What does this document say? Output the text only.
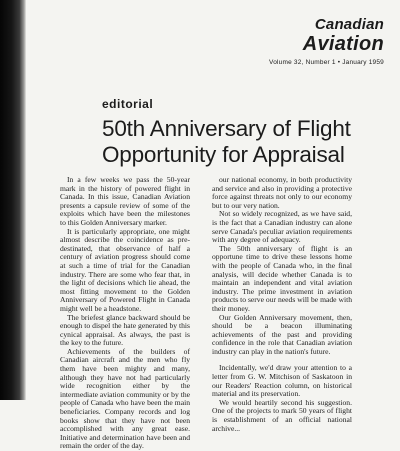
Canadian
Aviation
Volume 32, Number 1 • January 1959
editorial
50th Anniversary of Flight
Opportunity for Appraisal

In a few weeks we pass the 50-year mark in the history of powered flight in Canada. In this issue, Canadian Aviation presents a capsule review of some of the exploits which have been the milestones to this Golden Anniversary marker.

It is particularly appropriate, one might almost describe the coincidence as pre-destinated, that observance of half a century of aviation progress should come at such a time of trial for the Canadian industry. There are some who fear that, in the light of decisions which lie ahead, the most fitting movement to the Golden Anniversary of Powered Flight in Canada might well be a headstone.

The briefest glance backward should be enough to dispel the hate generated by this cynical appraisal. As always, the past is the key to the future.

Achievements of the builders of Canadian aircraft and the men who fly them have been mighty and many, although they have not had particularly wide recognition either by the intermediate aviation community or by the people of Canada who have been the main beneficiaries. Company records and log books show that they have not been accomplished with any great ease. Initiative and determination have been and remain the order of the day.

our national economy, in both productivity and service and also in providing a protective force against threats not only to our economy but to our very nation.

Not so widely recognized, as we have said, is the fact that a Canadian industry can alone serve Canada's peculiar aviation requirements with any degree of adequacy.

The 50th anniversary of flight is an opportune time to drive these lessons home with the people of Canada who, in the final analysis, will decide whether Canada is to maintain an independent and vital aviation industry. The prime investment in aviation products to serve our needs will be made with their money.

Our Golden Anniversary movement, then, should be a beacon illuminating achievements of the past and providing confidence in the role that Canadian aviation industry can play in the nation's future.

Incidentally, we'd draw your attention to a letter from G. W. Mitchison of Saskatoon in our Readers' Reaction column, on historical material and its preservation.

We would heartily second his suggestion. One of the projects to mark 50 years of flight is establishment of an official national archive...
